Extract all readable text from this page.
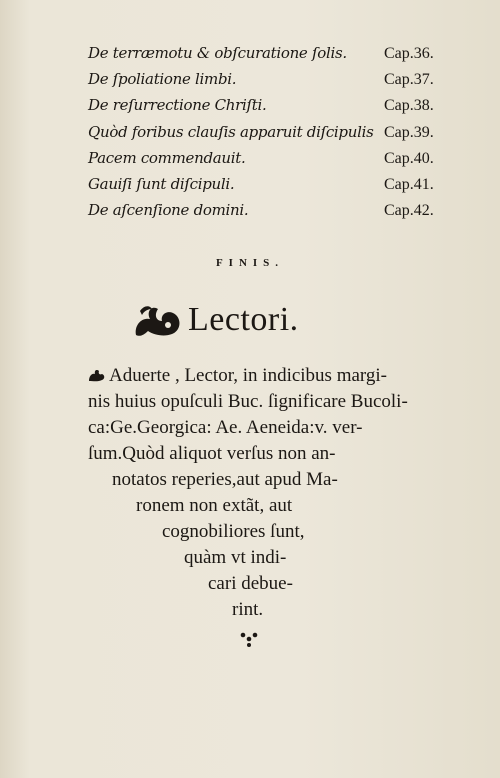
De terræmotu & obſcuratione ſolis. Cap.36.
De ſpoliatione limbi.	Cap.37.
De reſurrectione Chriſti.	Cap.38.
Quòd foribus clauſis apparuit diſcipulis Cap.39.
Pacem commendauit.	Cap.40.
Gauiſi ſunt diſcipuli.	Cap.41.
De aſcenſione domini.	Cap.42.
FINIS.
Lectori.
Aduerte , Lector, in indicibus margi-
nis huius opuſculi Buc. ſignificare Bucoli-
ca:Ge.Georgica: Ae. Aeneida:v. ver-
ſum.Quòd aliquot verſus non an-
notatos reperies,aut apud Ma-
ronem non extãt, aut
cognobiliores ſunt,
quàm vt indi-
cari debue-
rint.
